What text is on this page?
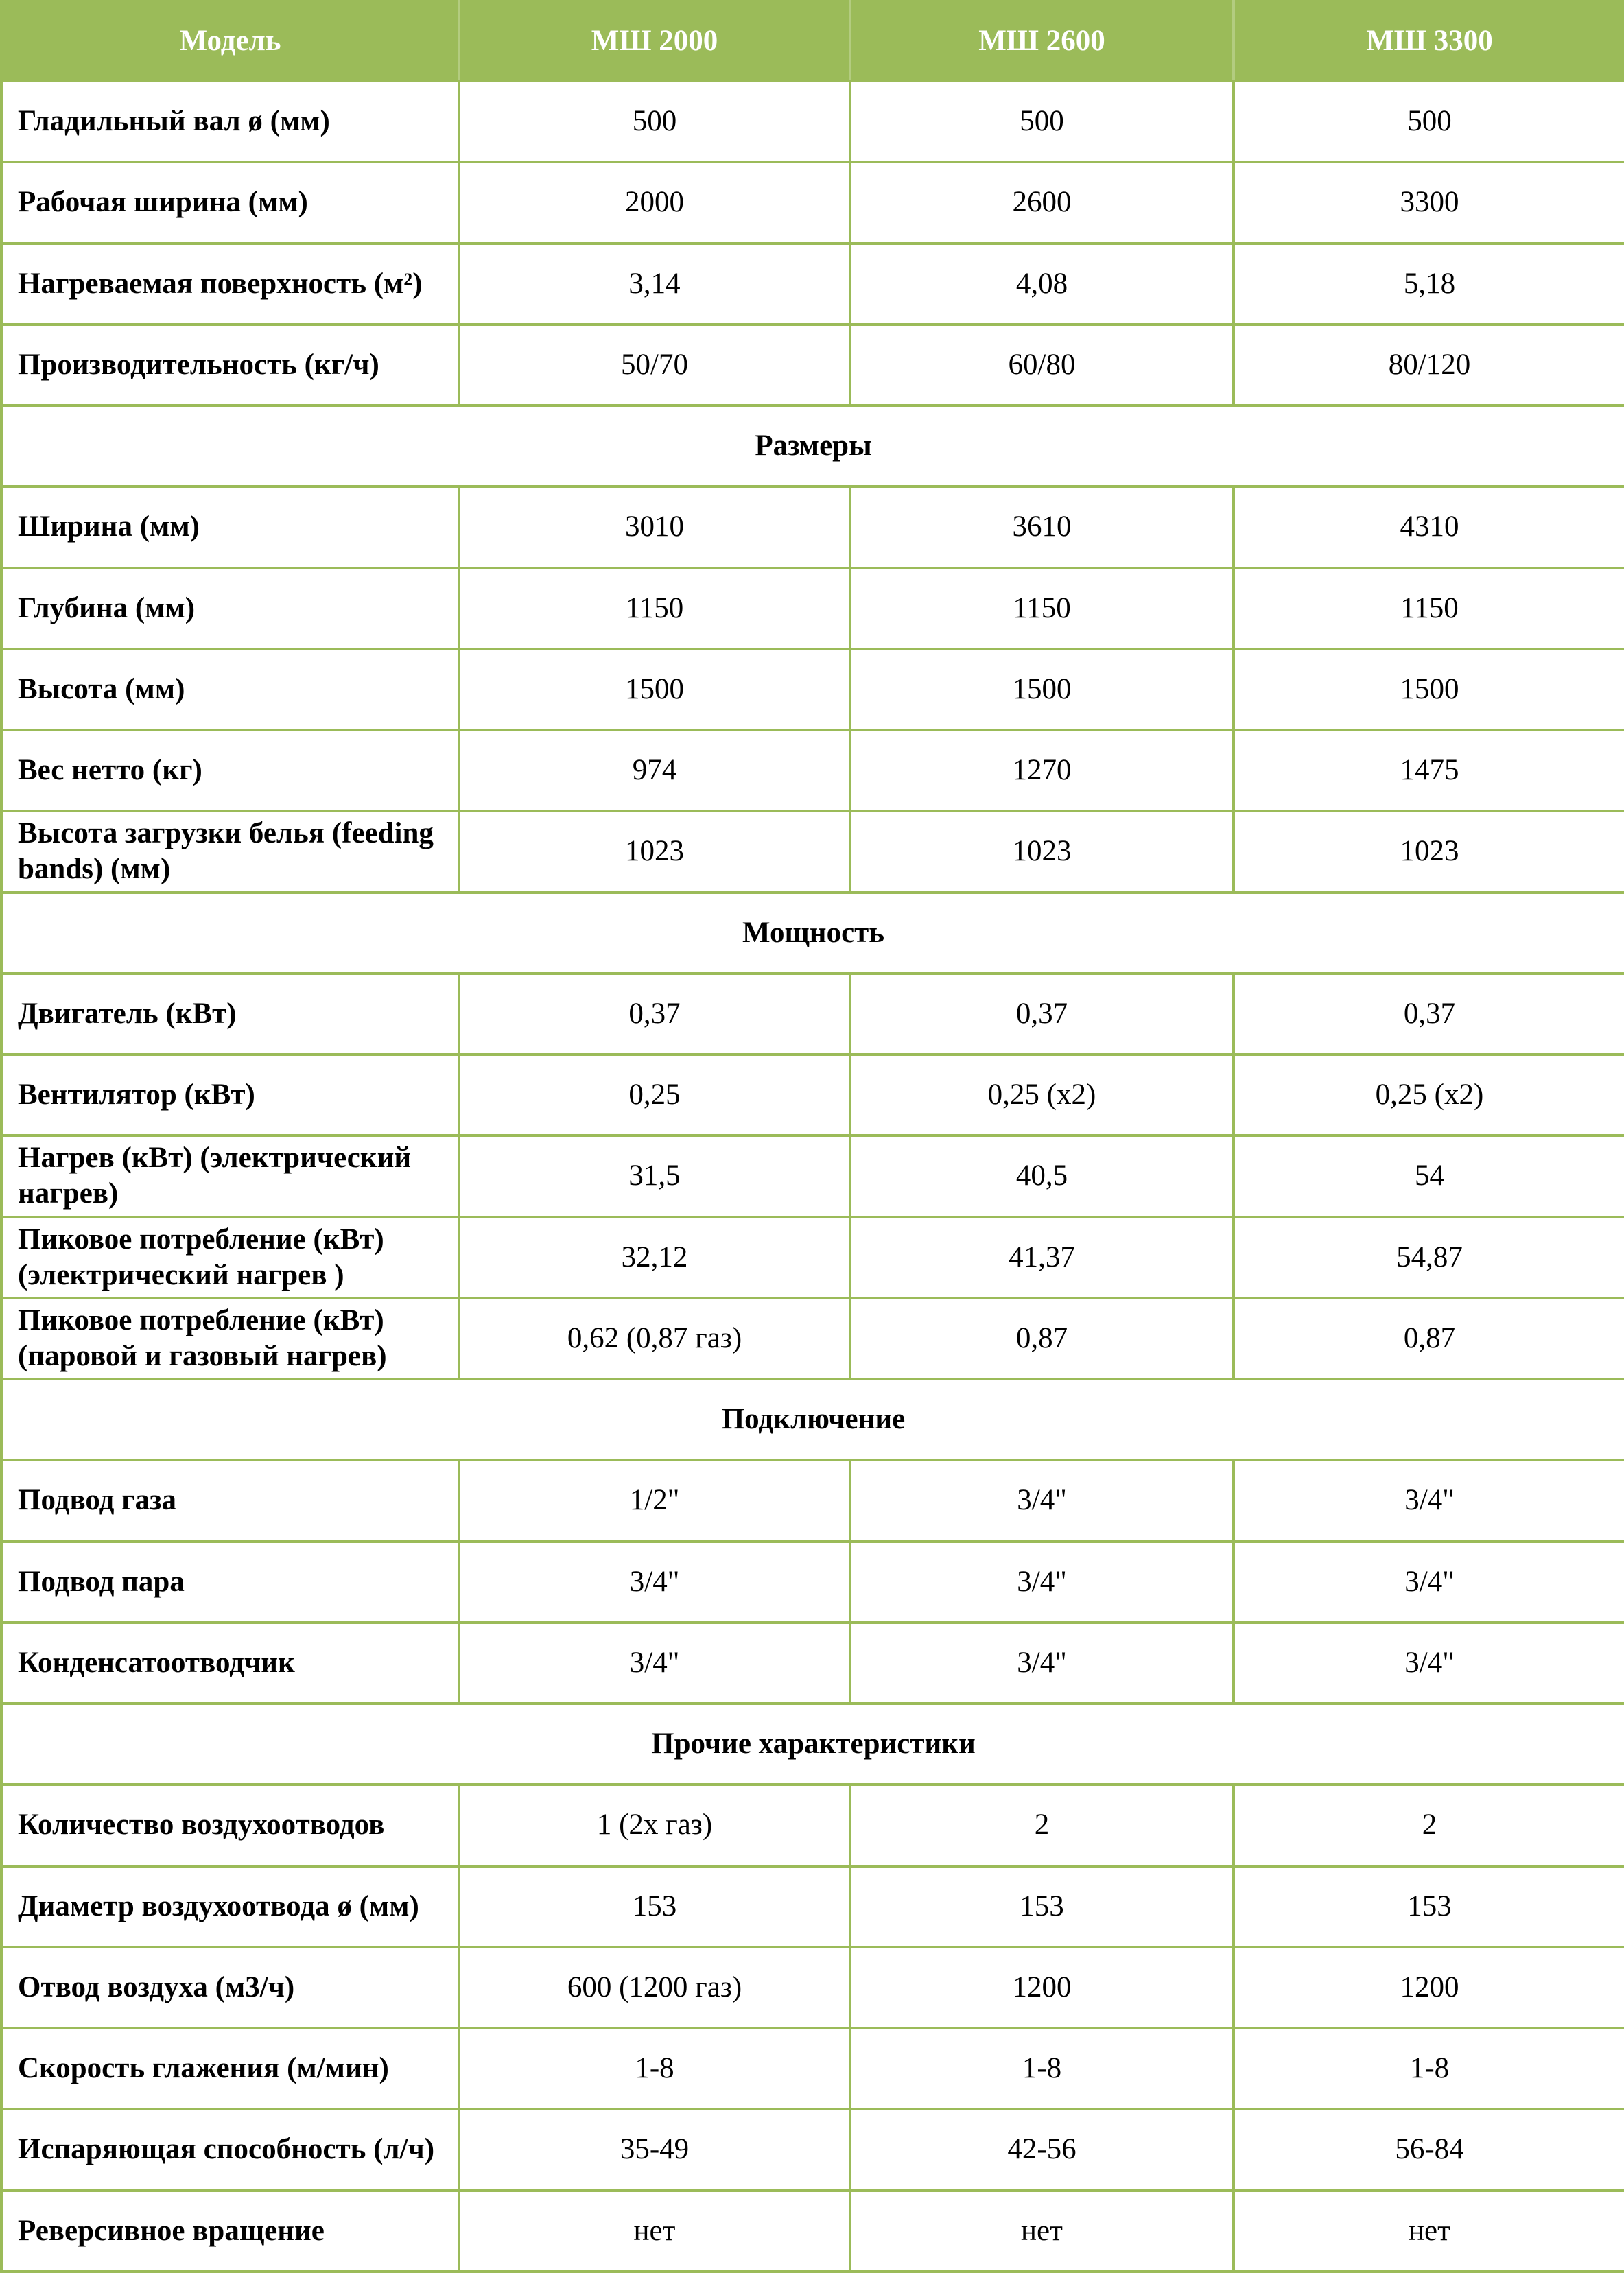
Модель	МШ 2000	МШ 2600	МШ 3300
Гладильный вал ø (мм)	500	500	500
Рабочая ширина (мм)	2000	2600	3300
Нагреваемая поверхность (м²)	3,14	4,08	5,18
Производительность (кг/ч)	50/70	60/80	80/120
Размеры			
Ширина (мм)	3010	3610	4310
Глубина (мм)	1150	1150	1150
Высота (мм)	1500	1500	1500
Вес нетто (кг)	974	1270	1475
Высота загрузки белья (feeding bands) (мм)	1023	1023	1023
Мощность			
Двигатель (кВт)	0,37	0,37	0,37
Вентилятор (кВт)	0,25	0,25 (x2)	0,25 (x2)
Нагрев (кВт) (электрический нагрев)	31,5	40,5	54
Пиковое потребление (кВт) (электрический нагрев )	32,12	41,37	54,87
Пиковое потребление (кВт) (паровой и газовый нагрев)	0,62 (0,87 газ)	0,87	0,87
Подключение			
Подвод газа	1/2"	3/4"	3/4"
Подвод пара	3/4"	3/4"	3/4"
Конденсатоотводчик	3/4"	3/4"	3/4"
Прочие характеристики			
Количество воздухоотводов	1 (2x газ)	2	2
Диаметр воздухоотвода ø (мм)	153	153	153
Отвод воздуха (м3/ч)	600 (1200 газ)	1200	1200
Скорость глажения (м/мин)	1-8	1-8	1-8
Испаряющая способность (л/ч)	35-49	42-56	56-84
Реверсивное вращение	нет	нет	нет
